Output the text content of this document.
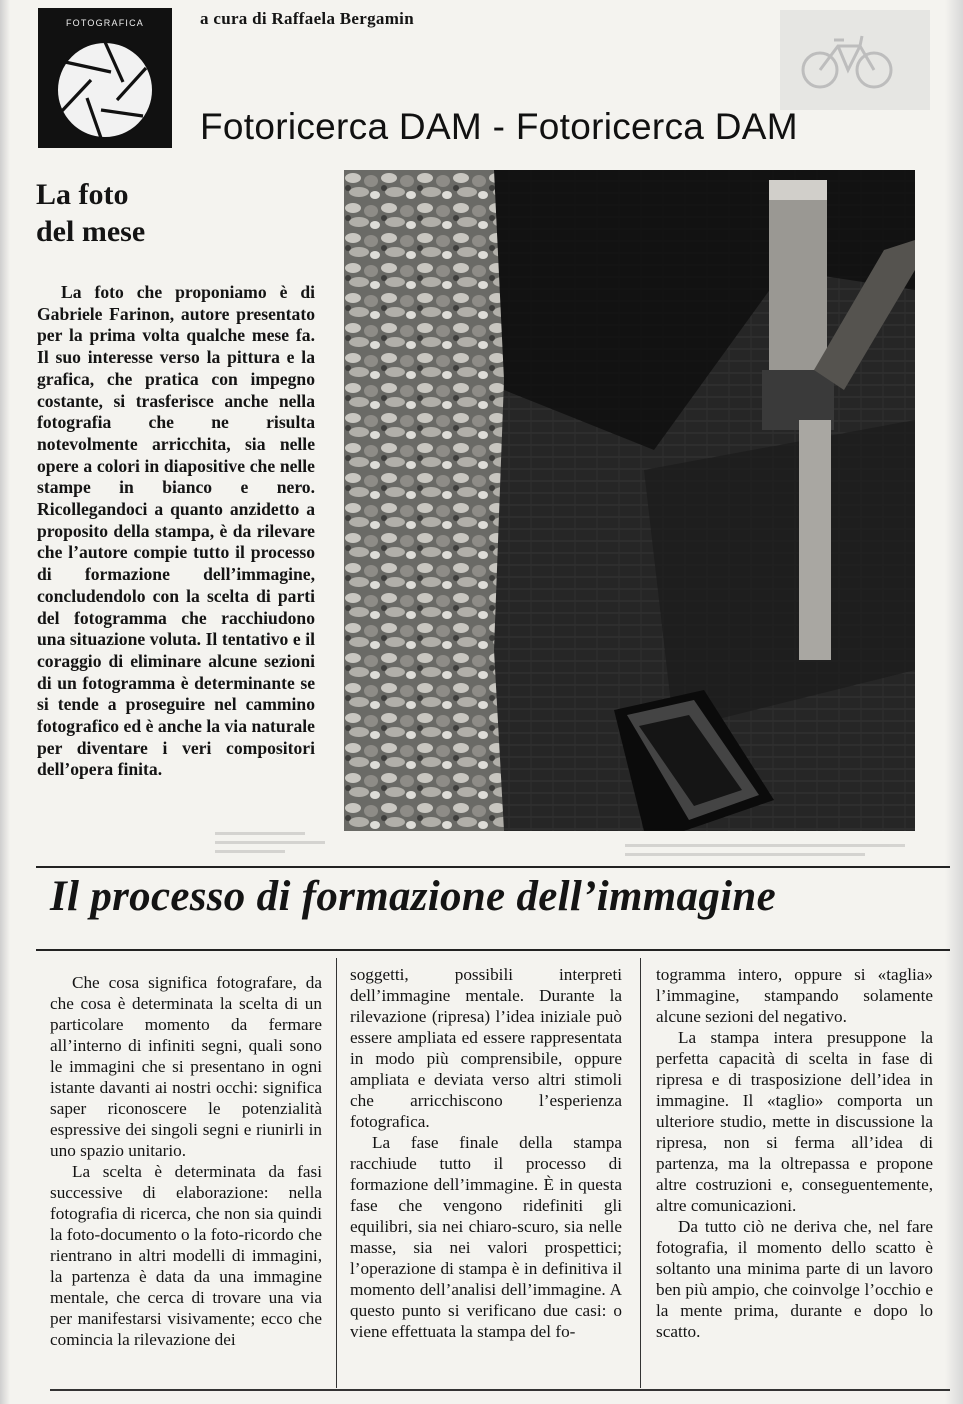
FOTOGRAFICA	a cura di Raffaela Bergamin
Fotoricerca DAM - Fotoricerca DAM
La foto
del mese
La foto che proponiamo è di Gabriele Farinon, autore presentato per la prima volta qualche mese fa. Il suo interesse verso la pittura e la grafica, che pratica con impegno costante, si trasferisce anche nella fotografia che ne risulta notevolmente arricchita, sia nelle opere a colori in diapositive che nelle stampe in bianco e nero. Ricollegandoci a quanto anzidetto a proposito della stampa, è da rilevare che l’autore compie tutto il processo di formazione dell’immagine, concludendolo con la scelta di parti del fotogramma che racchiudono una situazione voluta. Il tentativo e il coraggio di eliminare alcune sezioni di un fotogramma è determinante se si tende a proseguire nel cammino fotografico ed è anche la via naturale per diventare i veri compositori dell’opera finita.
Il processo di formazione dell’immagine

Che cosa significa fotografare, da che cosa è determinata la scelta di un particolare momento da fermare all’interno di infiniti segni, quali sono le immagini che si presentano in ogni istante davanti ai nostri occhi: significa saper riconoscere le potenzialità espressive dei singoli segni e riunirli in uno spazio unitario.

La scelta è determinata da fasi successive di elaborazione: nella fotografia di ricerca, che non sia quindi la foto-documento o la foto-ricordo che rientrano in altri modelli di immagini, la partenza è data da una immagine mentale, che cerca di trovare una via per manifestarsi visivamente; ecco che comincia la rilevazione dei

soggetti, possibili interpreti dell’immagine mentale. Durante la rilevazione (ripresa) l’idea iniziale può essere ampliata ed essere rappresentata in modo più comprensibile, oppure ampliata e deviata verso altri stimoli che arricchiscono l’esperienza fotografica.

La fase finale della stampa racchiude tutto il processo di formazione dell’immagine. È in questa fase che vengono ridefiniti gli equilibri, sia nei chiaro-scuro, sia nelle masse, sia nei valori prospettici; l’operazione di stampa è in definitiva il momento dell’analisi dell’immagine. A questo punto si verificano due casi: o viene effettuata la stampa del fo-

togramma intero, oppure si «taglia» l’immagine, stampando solamente alcune sezioni del negativo.

La stampa intera presuppone la perfetta capacità di scelta in fase di ripresa e di trasposizione dell’idea in immagine. Il «taglio» comporta un ulteriore studio, mette in discussione la ripresa, non si ferma all’idea di partenza, ma la oltrepassa e propone altre costruzioni e, conseguentemente, altre comunicazioni.

Da tutto ciò ne deriva che, nel fare fotografia, il momento dello scatto è soltanto una minima parte di un lavoro ben più ampio, che coinvolge l’occhio e la mente prima, durante e dopo lo scatto.
